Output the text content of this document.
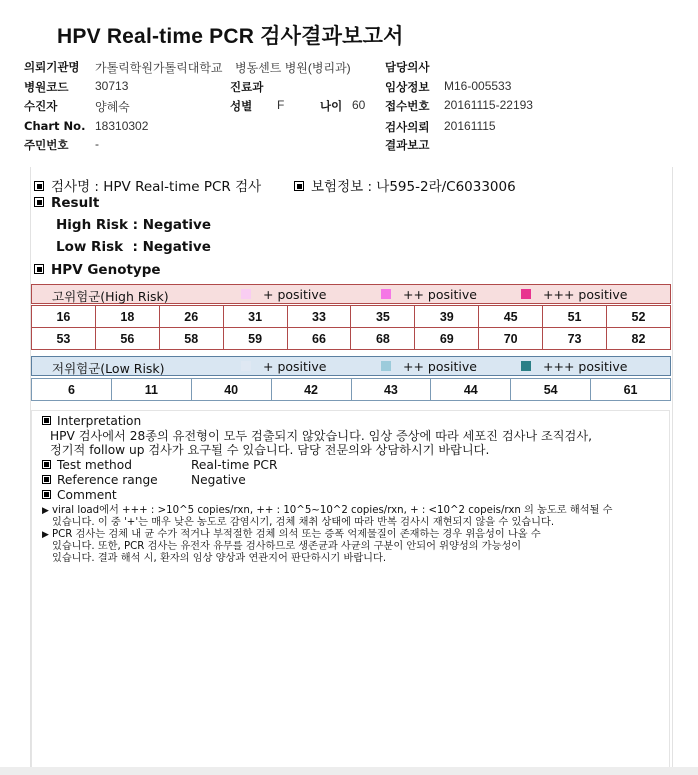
HPV Real-time PCR 검사결과보고서
의뢰기관명 가톨릭학원가톨릭대학교 병동센트 병원(병리과)	담당의사
병원코드 30713	진료과	임상정보 M16-005533
수진자	양혜숙	성별 F	나이 60 접수번호 20161115-22193
Chart No. 18310302	검사의뢰 20161115
주민번호 -	결과보고
검사명 : HPV Real-time PCR 검사	보험정보 : 나595-2라/C6033006
Result
High Risk : Negative
Low Risk  : Negative
HPV Genotype
고위험군(High Risk)	+ positive	++ positive	+++ positive
16	18	26	31	33	35	39	45	51	52
53	56	58	59	66	68	69	70	73	82
저위험군(Low Risk)	+ positive	++ positive	+++ positive
6	11	40	42	43	44	54	61
Interpretation
HPV 검사에서 28종의 유전형이 모두 검출되지 않았습니다. 임상 증상에 따라 세포진 검사나 조직검사,
정기적 follow up 검사가 요구될 수 있습니다. 담당 전문의와 상담하시기 바랍니다.
Test method	Real-time PCR
Reference range	Negative
Comment
▶ viral load에서 +++ : >10^5 copies/rxn, ++ : 10^5~10^2 copies/rxn, + : <10^2 copeis/rxn 의 농도로 해석될 수
있습니다. 이 중 '+'는 매우 낮은 농도로 감염시기, 검체 채취 상태에 따라 반복 검사시 재현되지 않을 수 있습니다.
▶ PCR 검사는 검체 내 균 수가 적거나 부적절한 검체 의석 또는 증폭 억제물질이 존재하는 경우 위음성이 나올 수
있습니다. 또한, PCR 검사는 유전자 유무를 검사하므로 생존균과 사균의 구분이 안되어 위양성의 가능성이
있습니다. 결과 해석 시, 환자의 임상 양상과 연관지어 판단하시기 바랍니다.
